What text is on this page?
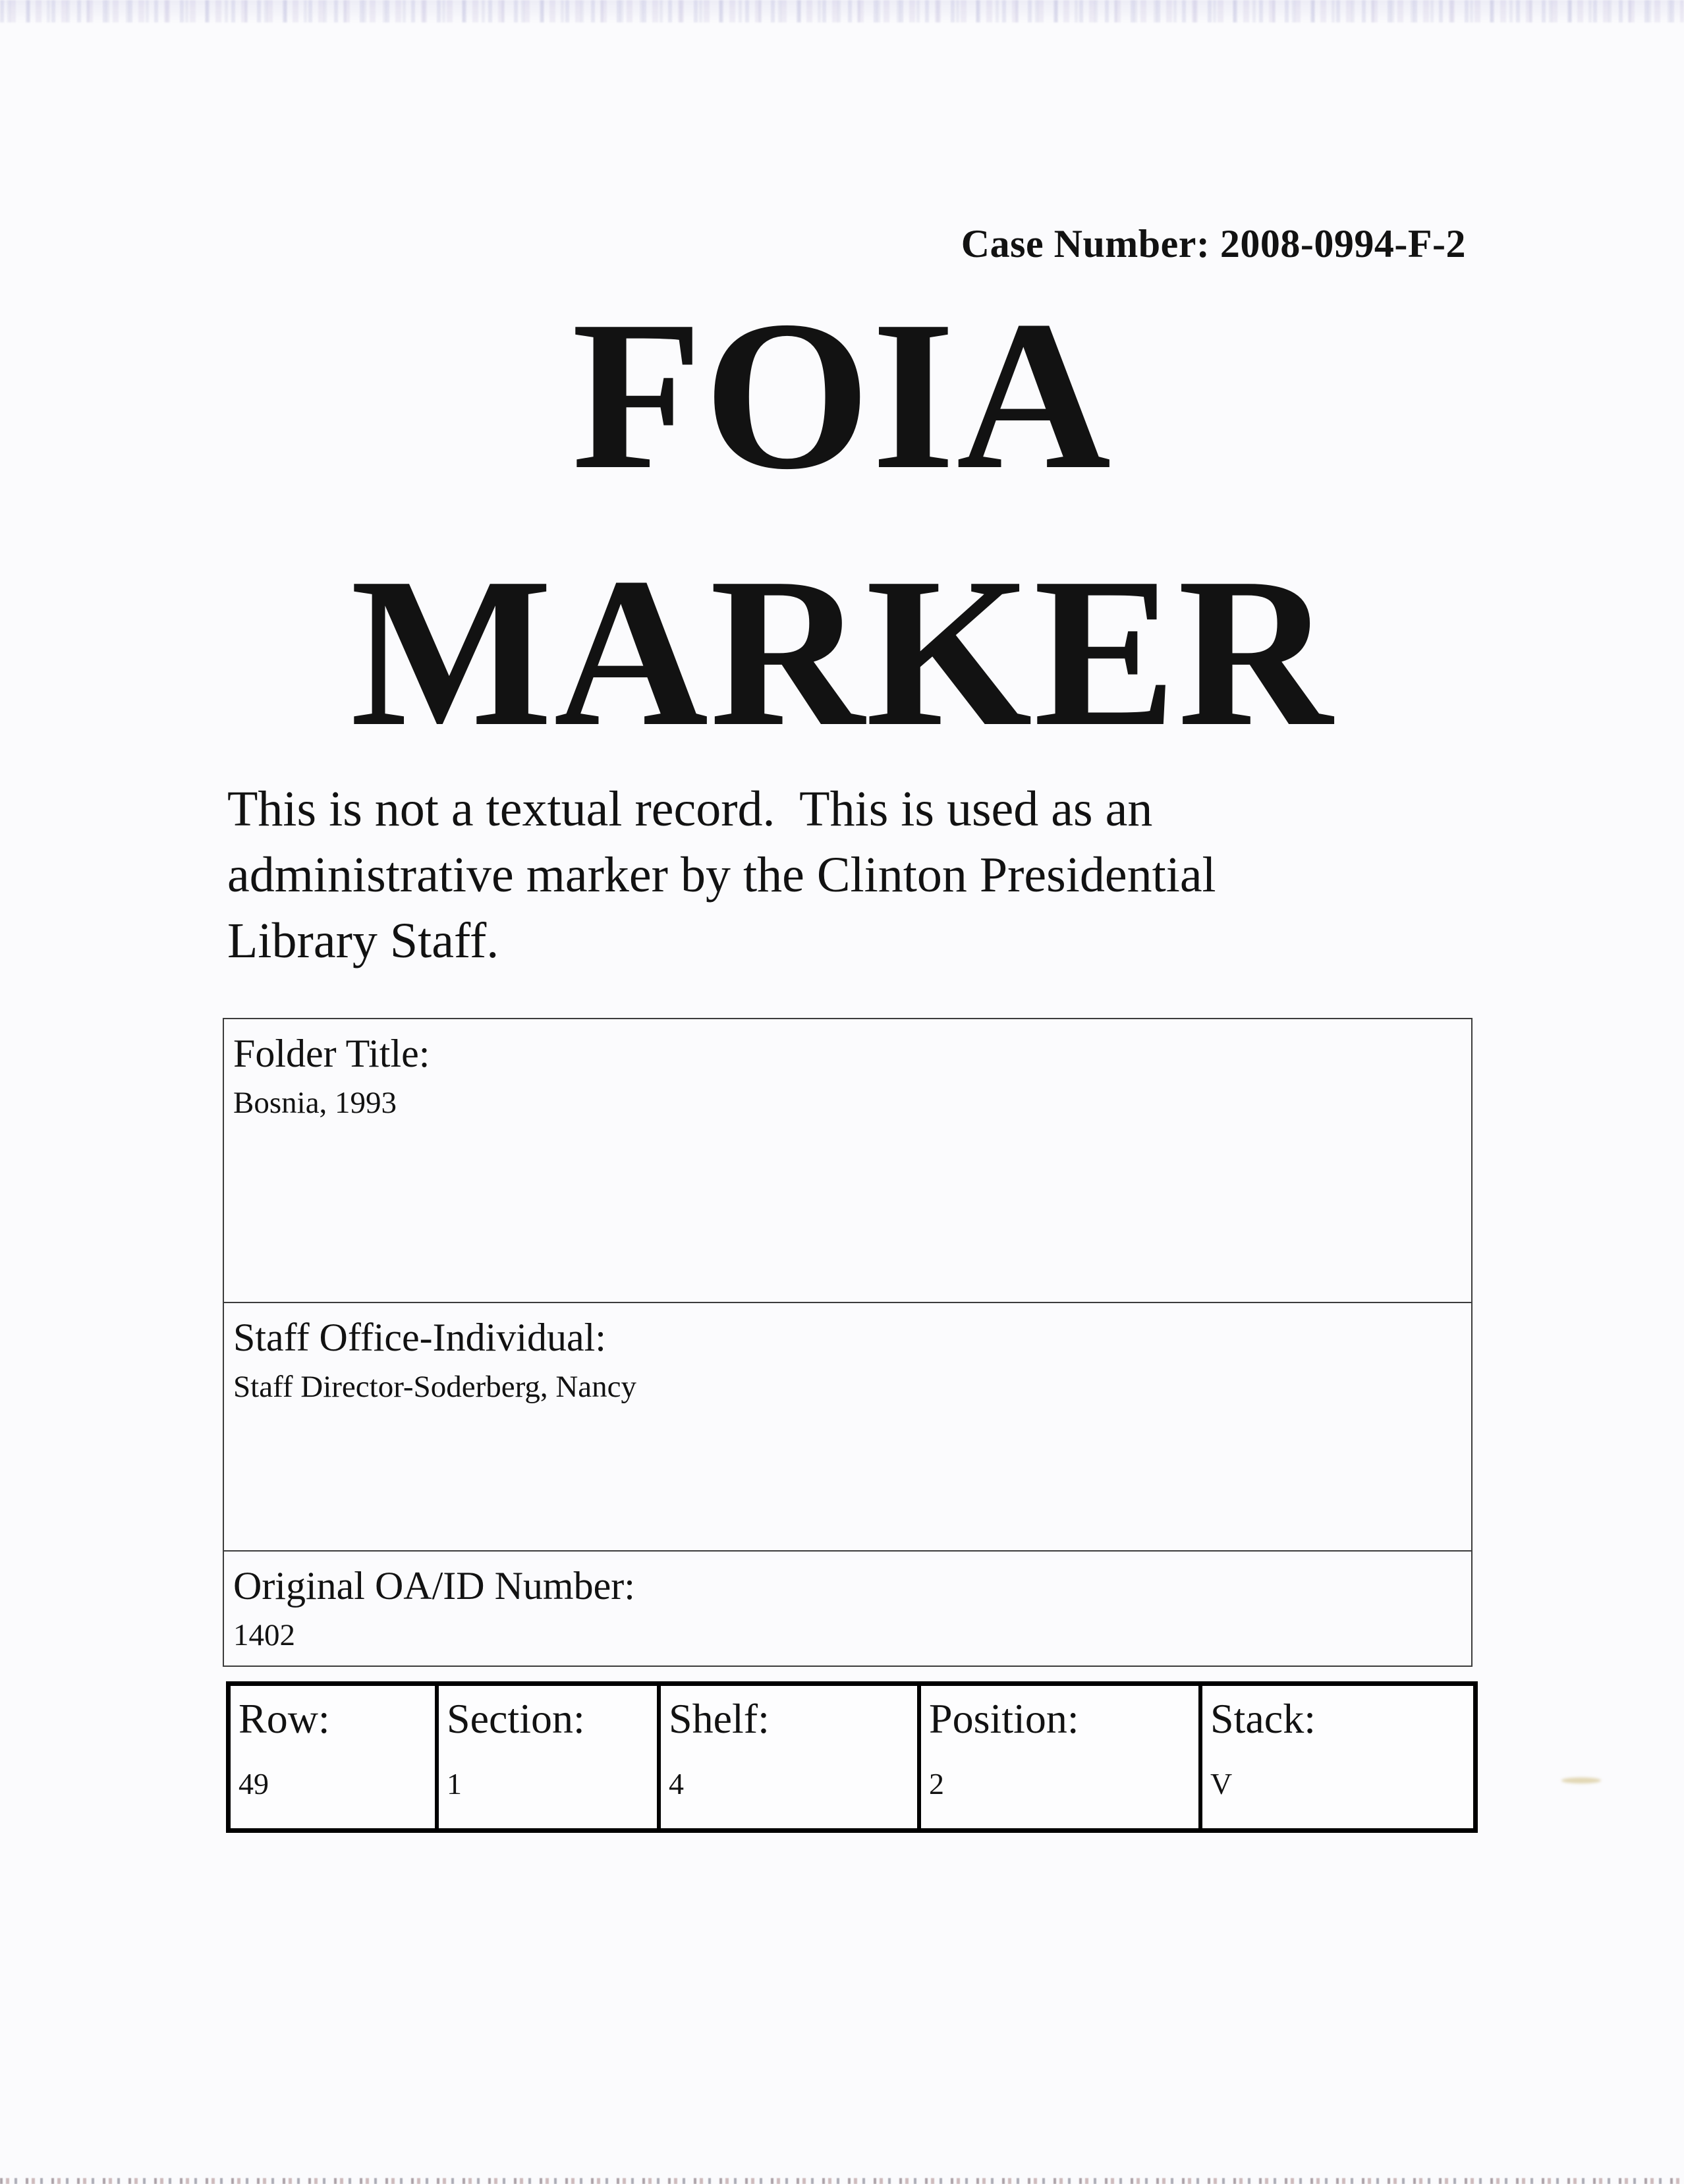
Case Number: 2008-0994-F-2
FOIA
MARKER
This is not a textual record.  This is used as an
administrative marker by the Clinton Presidential
Library Staff.
Folder Title:
Bosnia, 1993
Staff Office-Individual:
Staff Director-Soderberg, Nancy
Original OA/ID Number:
1402
Row:
49
Section:
1
Shelf:
4
Position:
2
Stack:
V
